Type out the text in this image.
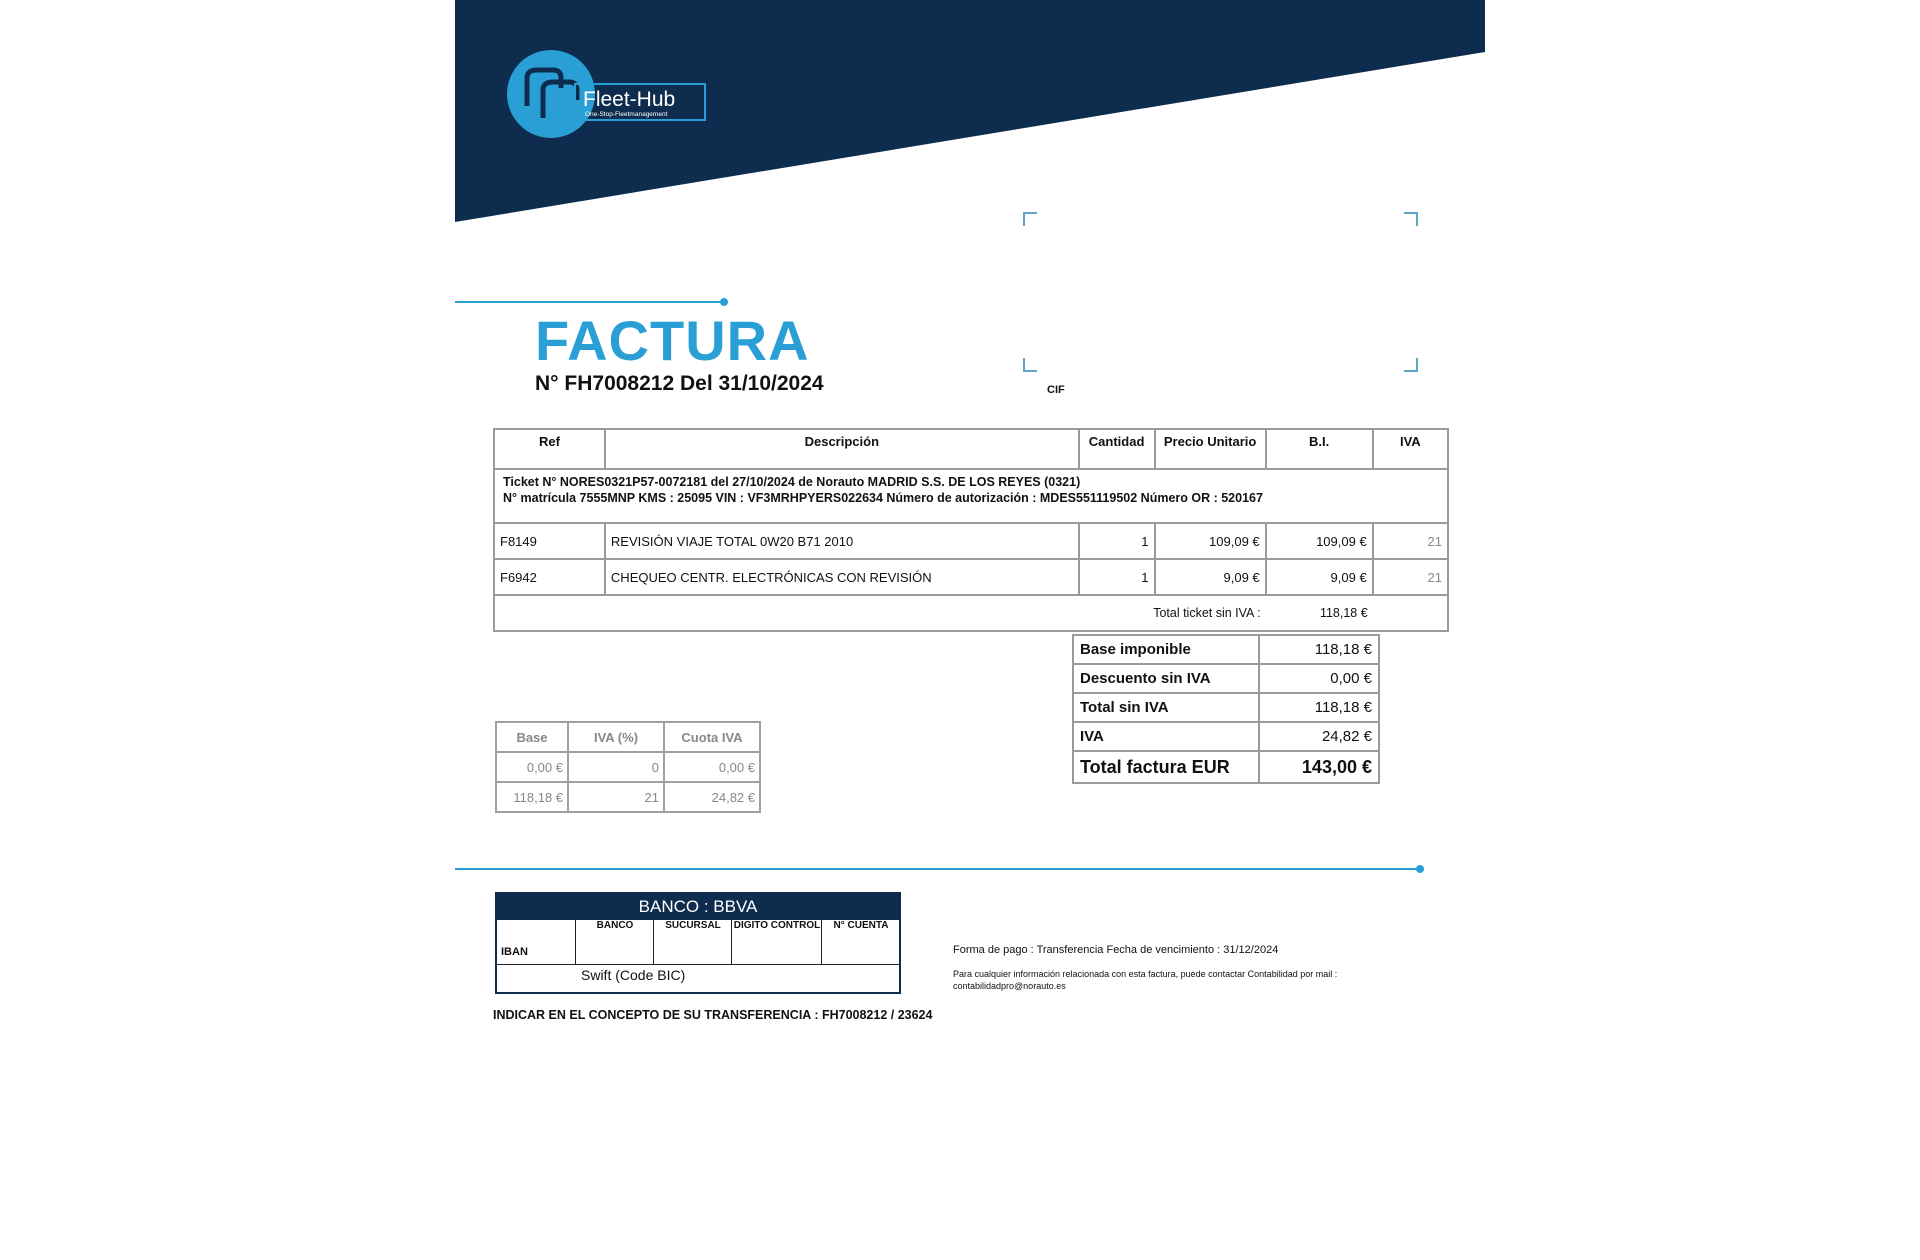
Fleet-Hub
One-Stop-Fleetmanagement
FACTURA
N° FH7008212 Del 31/10/2024	CIF
Ref	Descripción	Cantidad	Precio Unitario	B.I.	IVA

Ticket N° NORES0321P57-0072181 del 27/10/2024 de Norauto MADRID S.S. DE LOS REYES (0321)
N° matrícula 7555MNP KMS : 25095 VIN : VF3MRHPYERS022634 Número de autorización : MDES551119502 Número OR : 520167					

F8149	REVISIÓN VIAJE TOTAL 0W20 B71 2010	1	109,09 €	109,09 €	21
F6942	CHEQUEO CENTR. ELECTRÓNICAS CON REVISIÓN	1	9,09 €	9,09 €	21
Total ticket sin IVA :				118,18 €	
Base imponible	118,18 €
Descuento sin IVA	0,00 €
Total sin IVA	118,18 €
IVA	24,82 €
Total factura EUR	143,00 €
Base	IVA (%)	Cuota IVA
0,00 €	0	0,00 €
118,18 €	21	24,82 €
BANCO : BBVA
BANCO	SUCURSAL	DIGITO CONTROL	N° CUENTA
IBAN
Swift (Code BIC)
Forma de pago : Transferencia Fecha de vencimiento : 31/12/2024
Para cualquier información relacionada con esta factura, puede contactar Contabilidad por mail : contabilidadpro@norauto.es
INDICAR EN EL CONCEPTO DE SU TRANSFERENCIA : FH7008212 / 23624
